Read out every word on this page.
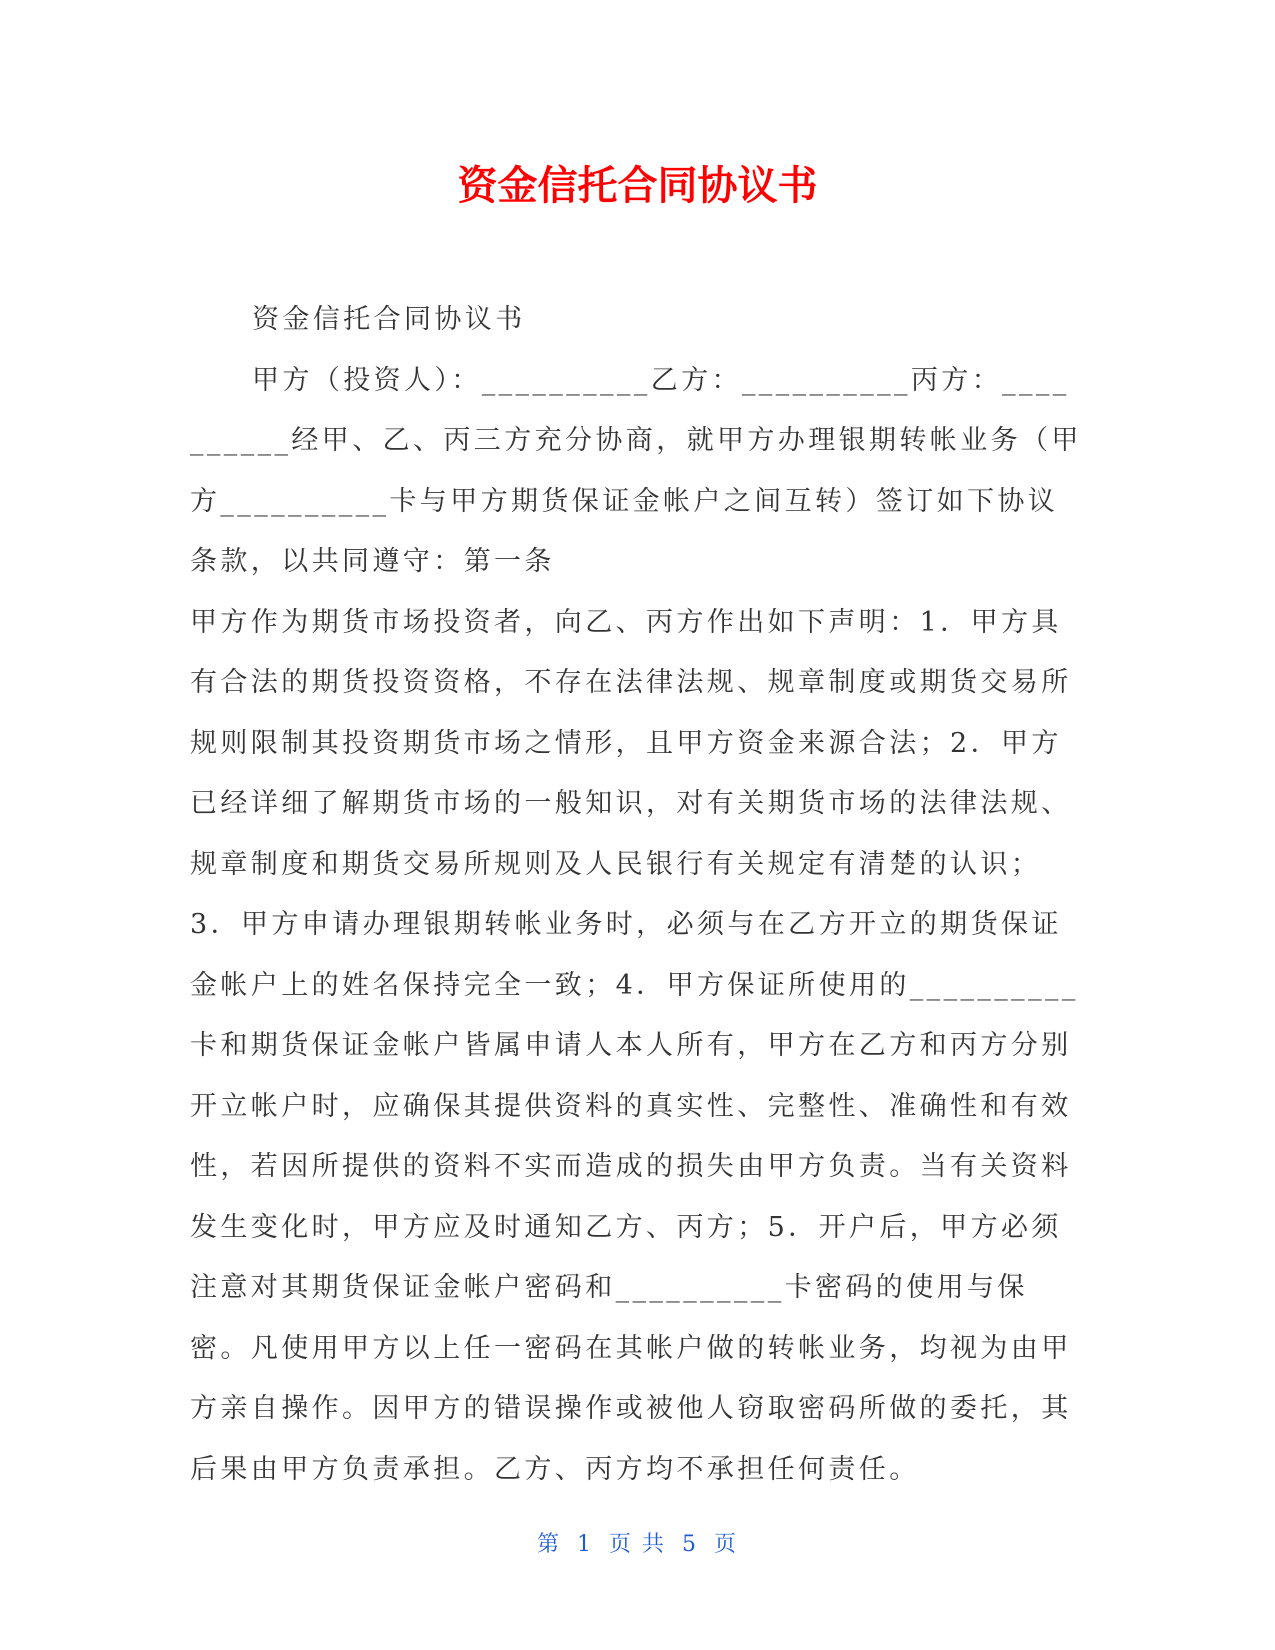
资金信托合同协议书

资金信托合同协议书

甲方（投资人）：__________乙方：__________丙方：__________经甲、乙、丙三方充分协商，就甲方办理银期转帐业务（甲方__________卡与甲方期货保证金帐户之间互转）签订如下协议条款，以共同遵守：第一条

甲方作为期货市场投资者，向乙、丙方作出如下声明：1．甲方具有合法的期货投资资格，不存在法律法规、规章制度或期货交易所规则限制其投资期货市场之情形，且甲方资金来源合法；2．甲方已经详细了解期货市场的一般知识，对有关期货市场的法律法规、规章制度和期货交易所规则及人民银行有关规定有清楚的认识；3．甲方申请办理银期转帐业务时，必须与在乙方开立的期货保证金帐户上的姓名保持完全一致；4．甲方保证所使用的__________卡和期货保证金帐户皆属申请人本人所有，甲方在乙方和丙方分别开立帐户时，应确保其提供资料的真实性、完整性、准确性和有效性，若因所提供的资料不实而造成的损失由甲方负责。当有关资料发生变化时，甲方应及时通知乙方、丙方；5．开户后，甲方必须注意对其期货保证金帐户密码和__________卡密码的使用与保密。凡使用甲方以上任一密码在其帐户做的转帐业务，均视为由甲方亲自操作。因甲方的错误操作或被他人窃取密码所做的委托，其后果由甲方负责承担。乙方、丙方均不承担任何责任。

第 1 页 共 5 页
